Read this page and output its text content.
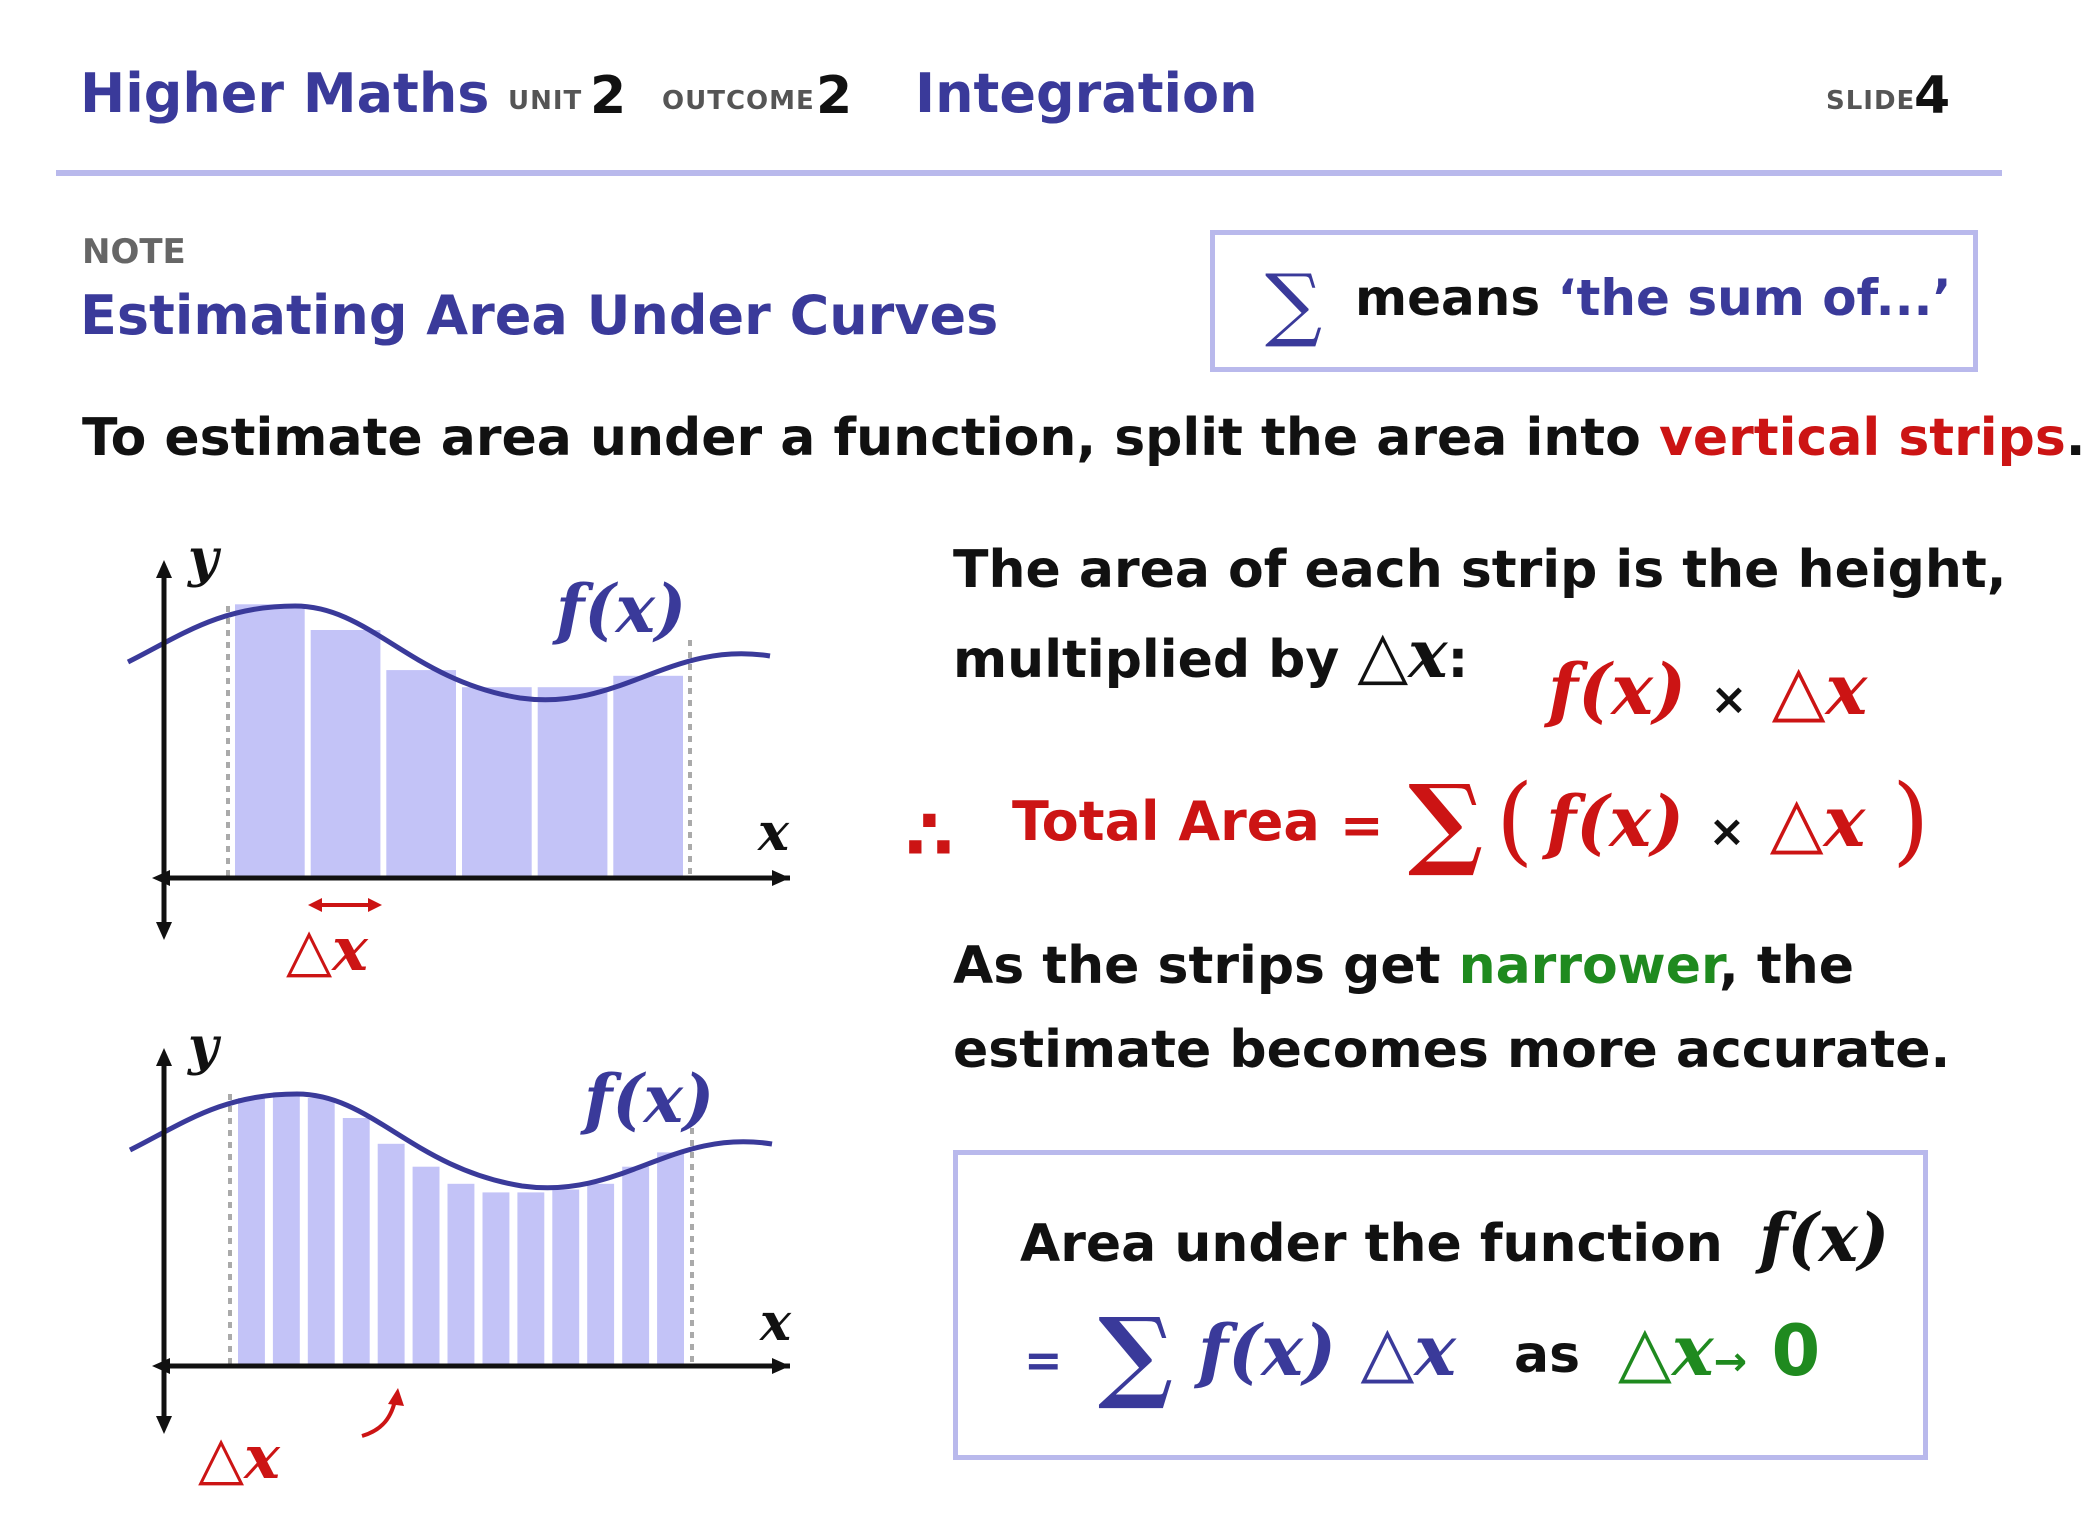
Higher Maths UNIT 2 OUTCOME 2 Integration	SLIDE
4
NOTE
Estimating Area Under Curves	∑ means ‘the sum of...’
To estimate area under a function, split the area into vertical strips.
y
x
f(x)
△x
y
x
f(x)
△x
The area of each strip is the height,
multiplied by △x: f(x) × △x
∴ Total Area = ∑ ( f(x) × △x )
As the strips get narrower, the
estimate becomes more accurate.
Area under the function f(x)
= ∑ f(x) △x as △x→ 0
